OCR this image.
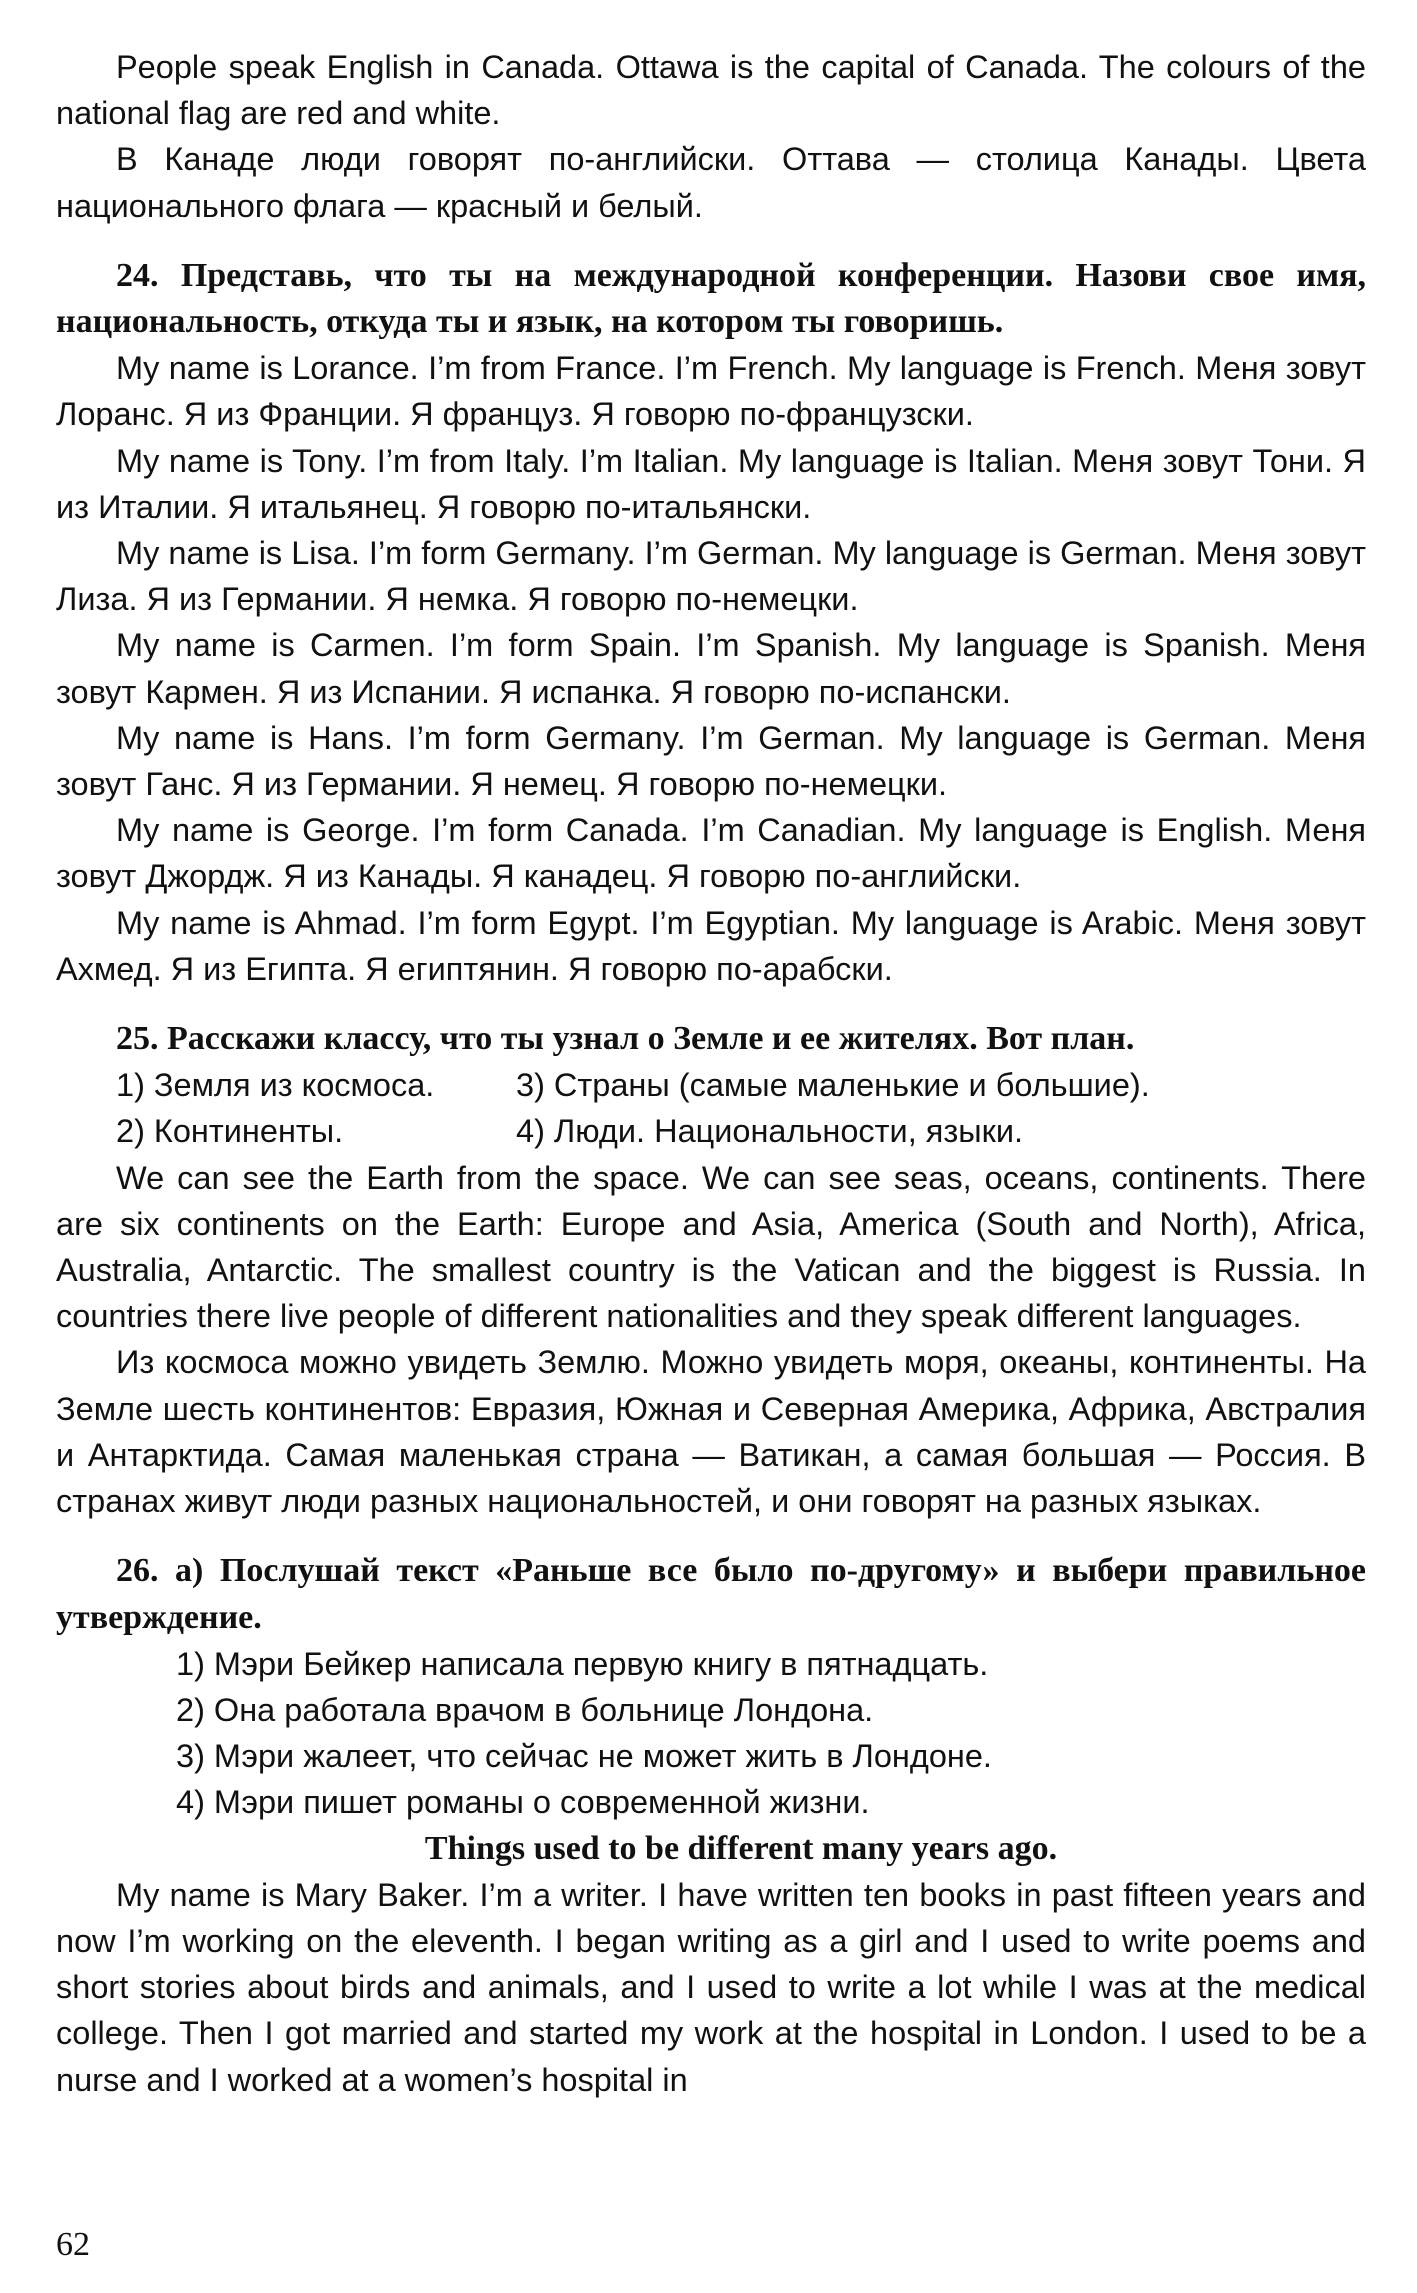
People speak English in Canada. Ottawa is the capital of Canada. The colours of the national flag are red and white.

В Канаде люди говорят по-английски. Оттава — столица Канады. Цвета национального флага — красный и белый.

24. Представь, что ты на международной конференции. Назови свое имя, национальность, откуда ты и язык, на котором ты говоришь.

My name is Lorance. I’m from France. I’m French. My language is French. Меня зовут Лоранс. Я из Франции. Я француз. Я говорю по-французски.

My name is Tony. I’m from Italy. I’m Italian. My language is Italian. Меня зовут Тони. Я из Италии. Я итальянец. Я говорю по-итальянски.

My name is Lisa. I’m form Germany. I’m German. My language is German. Меня зовут Лиза. Я из Германии. Я немка. Я говорю по-немецки.

My name is Carmen. I’m form Spain. I’m Spanish. My language is Spanish. Меня зовут Кармен. Я из Испании. Я испанка. Я говорю по-испански.

My name is Hans. I’m form Germany. I’m German. My language is German. Меня зовут Ганс. Я из Германии. Я немец. Я говорю по-немецки.

My name is George. I’m form Canada. I’m Canadian. My language is English. Меня зовут Джордж. Я из Канады. Я канадец. Я говорю по-английски.

My name is Ahmad. I’m form Egypt. I’m Egyptian. My language is Arabic. Меня зовут Ахмед. Я из Египта. Я египтянин. Я говорю по-арабски.

25. Расскажи классу, что ты узнал о Земле и ее жителях. Вот план.

1) Земля из космоса.	3) Страны (самые маленькие и большие).
2) Континенты.	4) Люди. Национальности, языки.

We can see the Earth from the space. We can see seas, oceans, continents. There are six continents on the Earth: Europe and Asia, America (South and North), Africa, Australia, Antarctic. The smallest country is the Vatican and the biggest is Russia. In countries there live people of different nationalities and they speak different languages.

Из космоса можно увидеть Землю. Можно увидеть моря, океаны, континенты. На Земле шесть континентов: Евразия, Южная и Северная Америка, Африка, Австралия и Антарктида. Самая маленькая страна — Ватикан, а самая большая — Россия. В странах живут люди разных национальностей, и они говорят на разных языках.

26. а) Послушай текст «Раньше все было по-другому» и выбери правильное утверждение.

1) Мэри Бейкер написала первую книгу в пятнадцать.

2) Она работала врачом в больнице Лондона.

3) Мэри жалеет, что сейчас не может жить в Лондоне.

4) Мэри пишет романы о современной жизни.

Things used to be different many years ago.

My name is Mary Baker. I’m a writer. I have written ten books in past fifteen years and now I’m working on the eleventh. I began writing as a girl and I used to write poems and short stories about birds and animals, and I used to write a lot while I was at the medical college. Then I got married and started my work at the hospital in London. I used to be a nurse and I worked at a women’s hospital in

62
